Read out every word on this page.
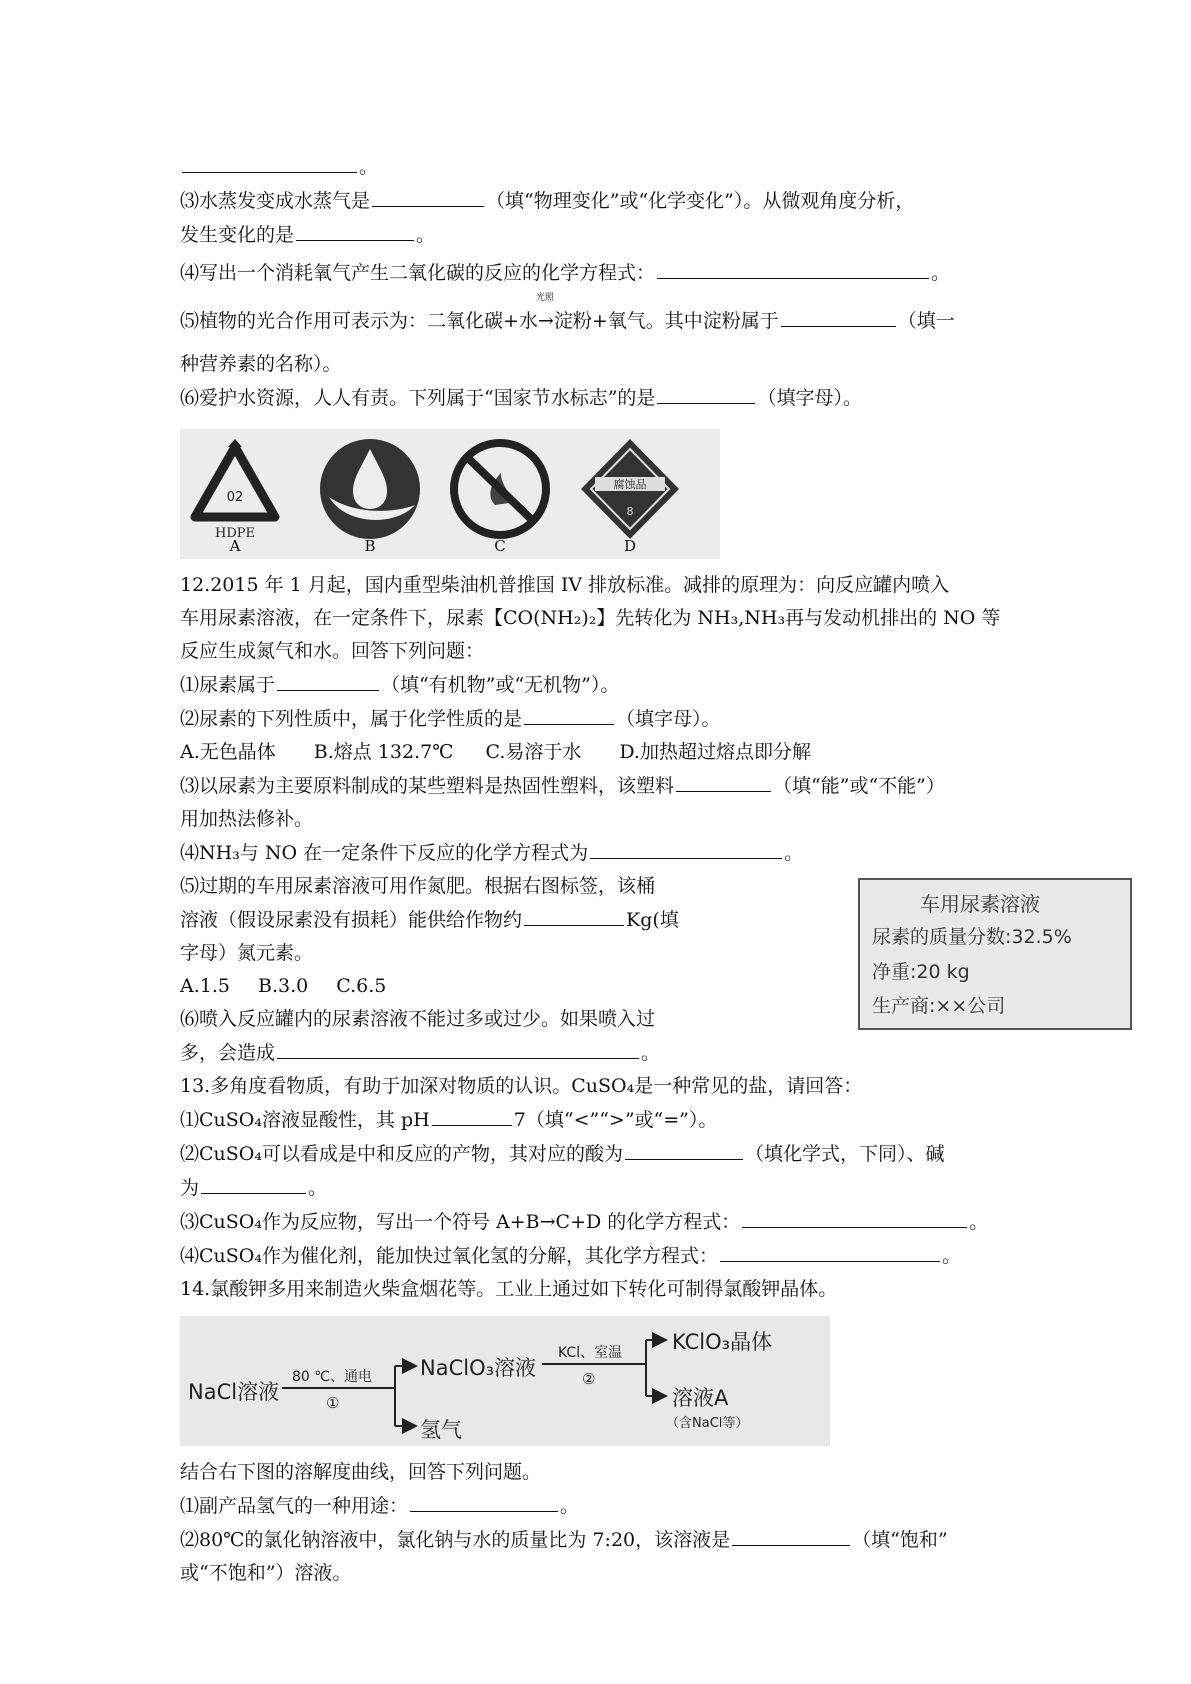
。
⑶水蒸发变成水蒸气是	（填“物理变化”或“化学变化”）。从微观角度分析，
发生变化的是	。
⑷写出一个消耗氧气产生二氧化碳的反应的化学方程式：	。
⑸植物的光合作用可表示为：二氧化碳+水
光照
→淀粉+氧气。其中淀粉属于	（填一
种营养素的名称）。
⑹爱护水资源，人人有责。下列属于“国家节水标志”的是	（填字母）。
02
HDPE
腐蚀品
8
A	B	C	D
12.2015 年 1 月起，国内重型柴油机普推国 IV 排放标准。减排的原理为：向反应罐内喷入
车用尿素溶液，在一定条件下，尿素【CO(NH₂)₂】先转化为 NH₃,NH₃再与发动机排出的 NO 等
反应生成氮气和水。回答下列问题：
⑴尿素属于	（填“有机物”或“无机物”）。
⑵尿素的下列性质中，属于化学性质的是	（填字母）。
A.无色晶体 B.熔点 132.7℃ C.易溶于水 D.加热超过熔点即分解
⑶以尿素为主要原料制成的某些塑料是热固性塑料，该塑料	（填“能”或“不能”）
用加热法修补。
⑷NH₃与 NO 在一定条件下反应的化学方程式为	。
⑸过期的车用尿素溶液可用作氮肥。根据右图标签，该桶
溶液（假设尿素没有损耗）能供给作物约	Kg(填
字母）氮元素。
A.1.5 B.3.0 C.6.5
⑹喷入反应罐内的尿素溶液不能过多或过少。如果喷入过
多，会造成	。
车用尿素溶液
尿素的质量分数:32.5%
净重:20 kg
生产商:××公司
13.多角度看物质，有助于加深对物质的认识。CuSO₄是一种常见的盐，请回答：
⑴CuSO₄溶液显酸性，其 pH	7（填“<”“>”或“=”）。
⑵CuSO₄可以看成是中和反应的产物，其对应的酸为	（填化学式，下同）、碱
为	。
⑶CuSO₄作为反应物，写出一个符号 A+B→C+D 的化学方程式：	。
⑷CuSO₄作为催化剂，能加快过氧化氢的分解，其化学方程式：	。
14.氯酸钾多用来制造火柴盒烟花等。工业上通过如下转化可制得氯酸钾晶体。
NaCl溶液
80 ℃、通电
①
NaClO₃溶液
氢气
KCl、室温
②
KClO₃晶体
溶液A
（含NaCl等）
结合右下图的溶解度曲线，回答下列问题。
⑴副产品氢气的一种用途：	。
⑵80℃的氯化钠溶液中，氯化钠与水的质量比为 7:20，该溶液是	（填“饱和”
或“不饱和”）溶液。
